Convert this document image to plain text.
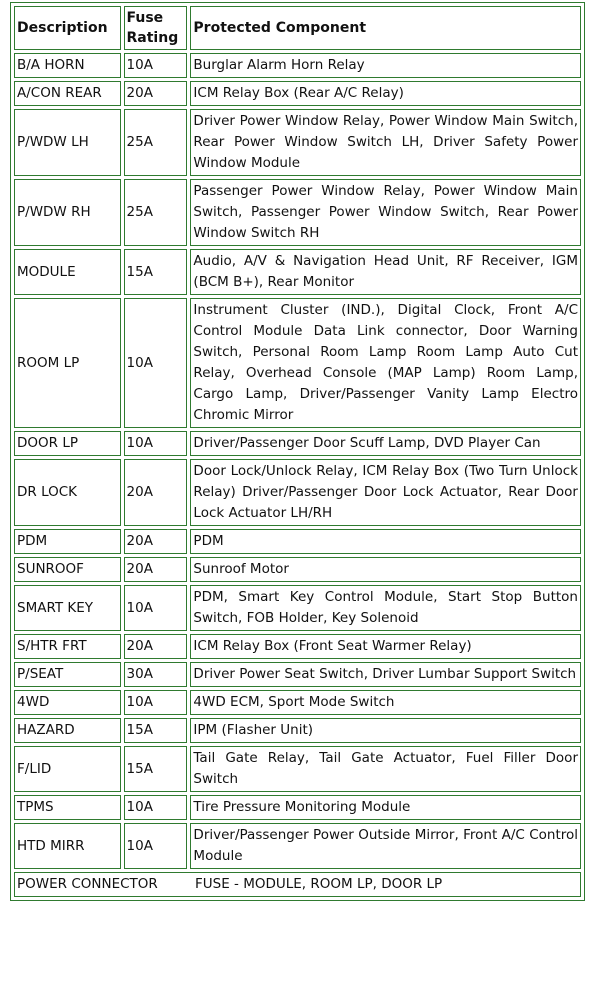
Description	Fuse Rating	Protected Component
B/A HORN	10A	Burglar Alarm Horn Relay
A/CON REAR	20A	ICM Relay Box (Rear A/C Relay)
P/WDW LH	25A	Driver Power Window Relay, Power Window Main Switch, Rear Power Window Switch LH, Driver Safety Power Window Module
P/WDW RH	25A	Passenger Power Window Relay, Power Window Main Switch, Passenger Power Window Switch, Rear Power Window Switch RH
MODULE	15A	Audio, A/V & Navigation Head Unit, RF Receiver, IGM (BCM B+), Rear Monitor
ROOM LP	10A	Instrument Cluster (IND.), Digital Clock, Front A/C Control Module Data Link connector, Door Warning Switch, Personal Room Lamp Room Lamp Auto Cut Relay, Overhead Console (MAP Lamp) Room Lamp, Cargo Lamp, Driver/Passenger Vanity Lamp Electro Chromic Mirror
DOOR LP	10A	Driver/Passenger Door Scuff Lamp, DVD Player Can
DR LOCK	20A	Door Lock/Unlock Relay, ICM Relay Box (Two Turn Unlock Relay) Driver/Passenger Door Lock Actuator, Rear Door Lock Actuator LH/RH
PDM	20A	PDM
SUNROOF	20A	Sunroof Motor
SMART KEY	10A	PDM, Smart Key Control Module, Start Stop Button Switch, FOB Holder, Key Solenoid
S/HTR FRT	20A	ICM Relay Box (Front Seat Warmer Relay)
P/SEAT	30A	Driver Power Seat Switch, Driver Lumbar Support Switch
4WD	10A	4WD ECM, Sport Mode Switch
HAZARD	15A	IPM (Flasher Unit)
F/LID	15A	Tail Gate Relay, Tail Gate Actuator, Fuel Filler Door Switch
TPMS	10A	Tire Pressure Monitoring Module
HTD MIRR	10A	Driver/Passenger Power Outside Mirror, Front A/C Control Module
POWER CONNECTOR FUSE - MODULE, ROOM LP, DOOR LP		
